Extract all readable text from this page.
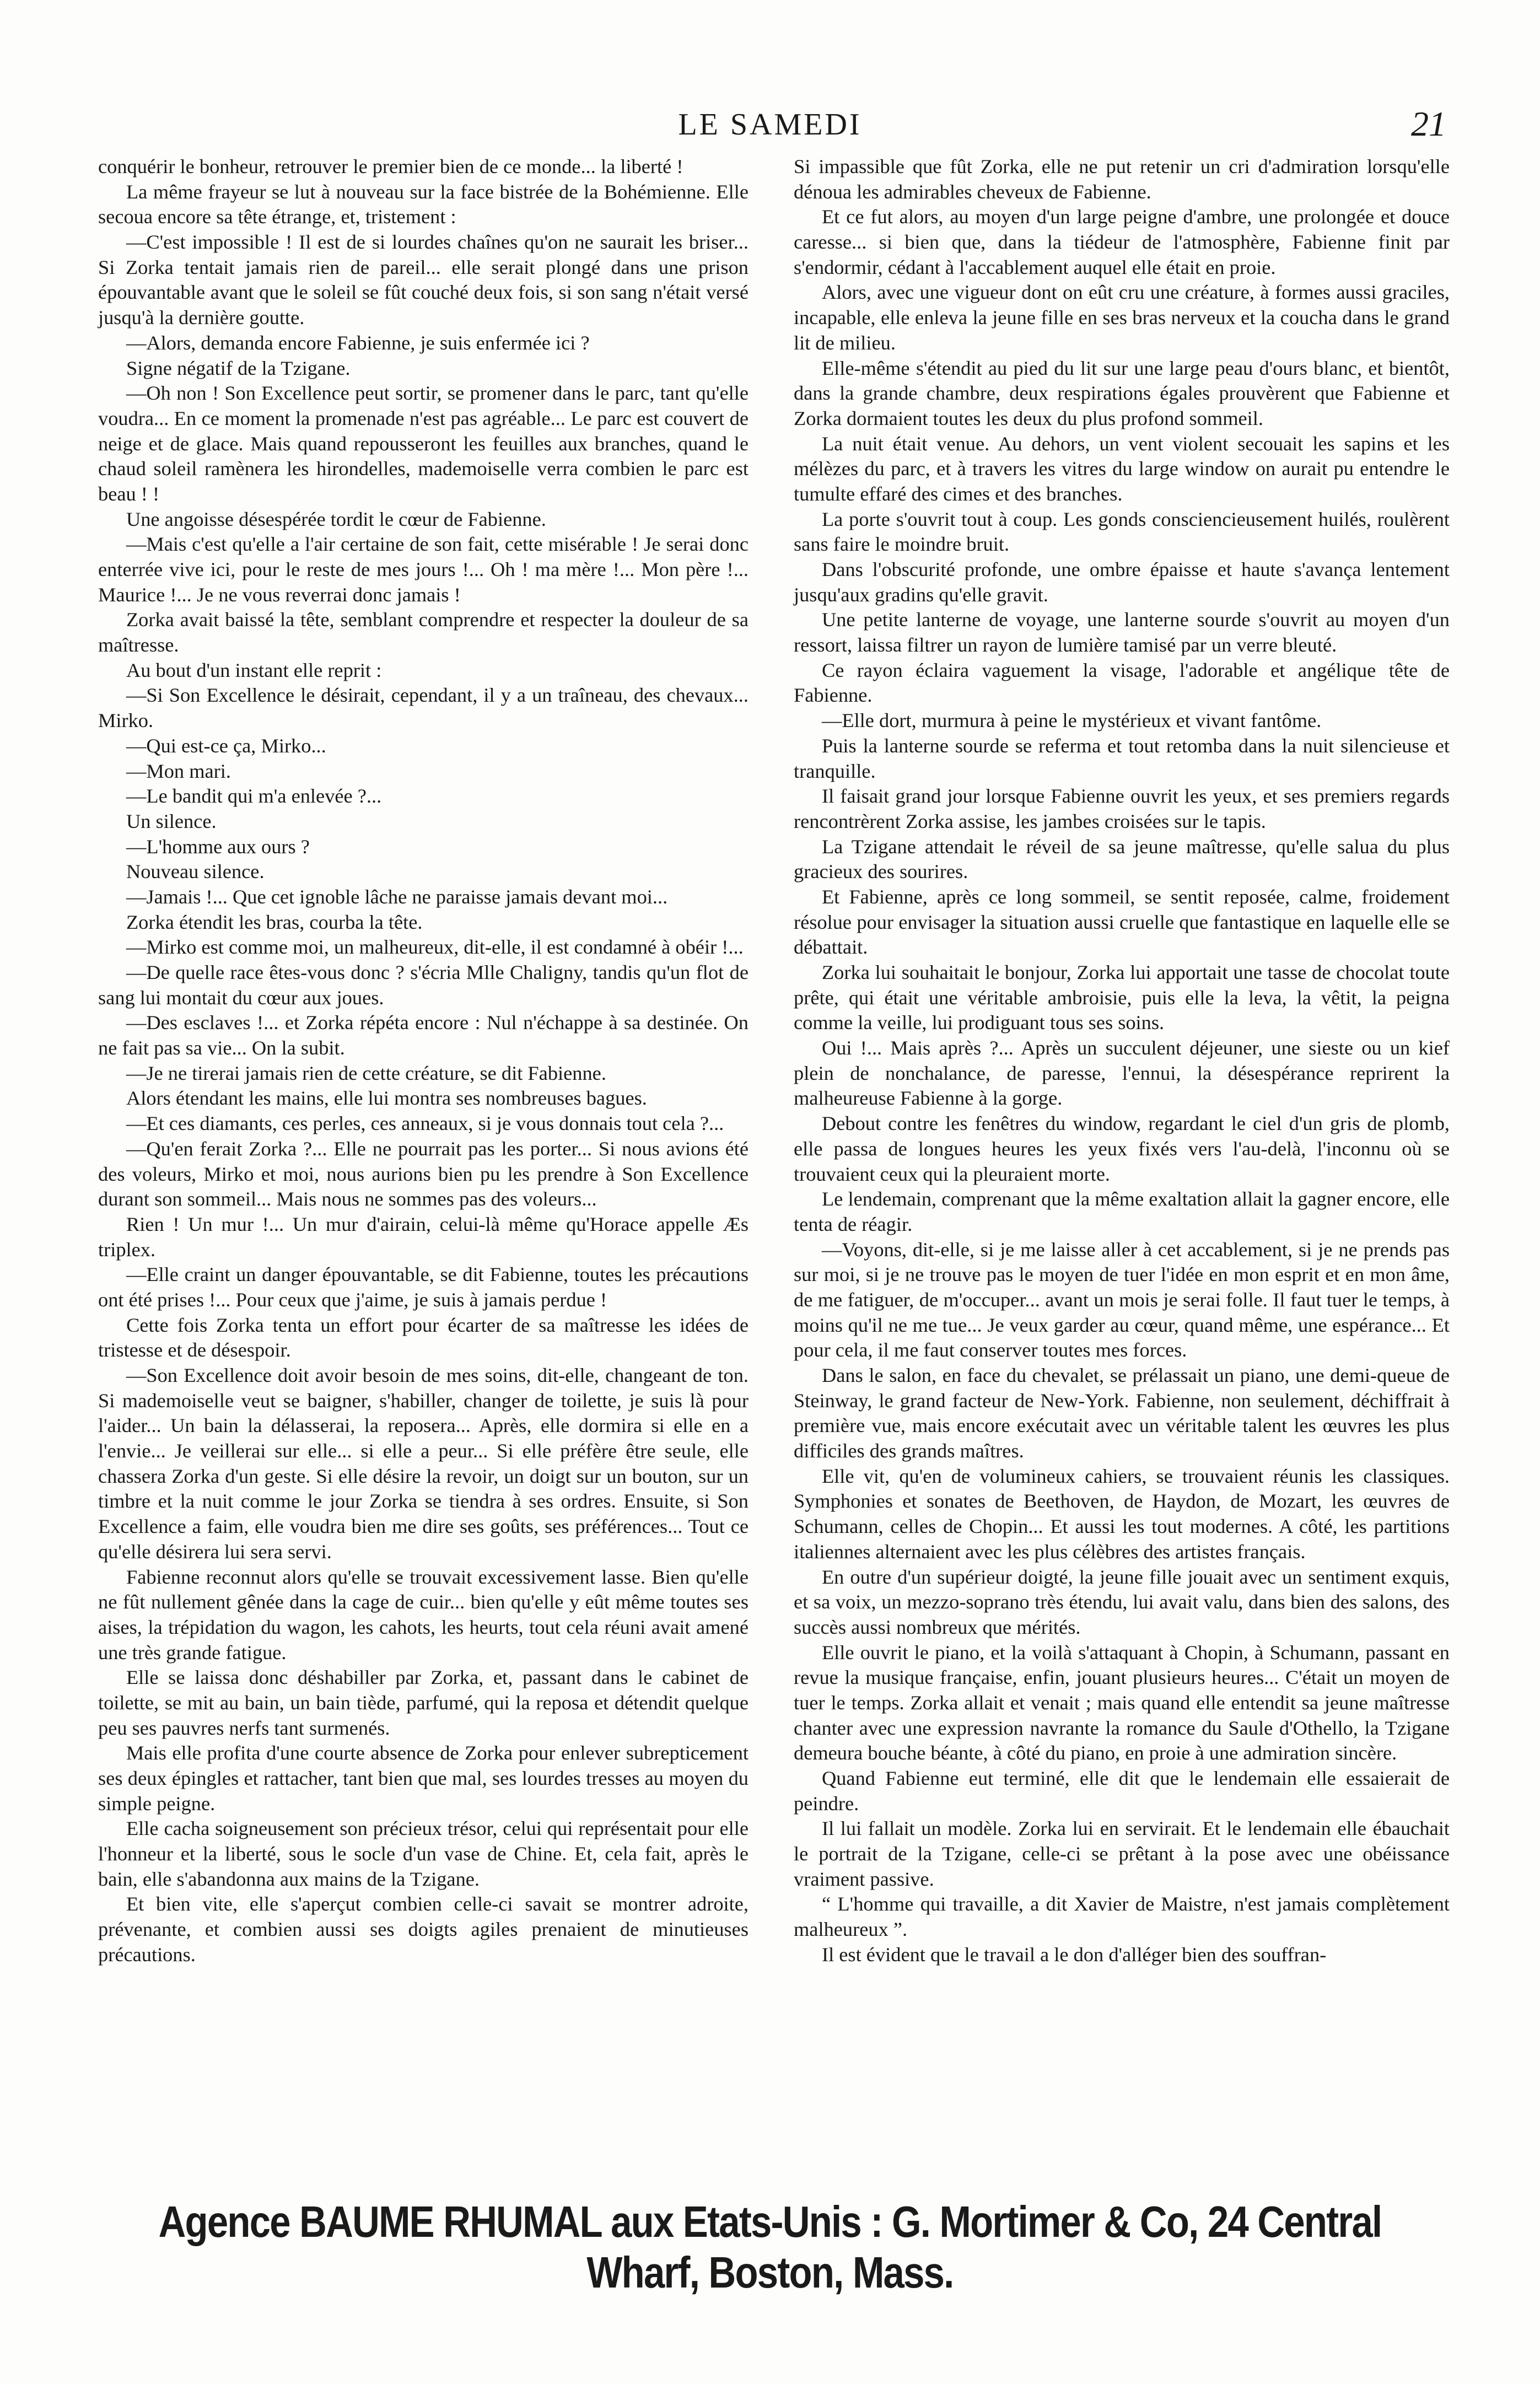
LE SAMEDI	21

conquérir le bonheur, retrouver le premier bien de ce monde... la liberté !

La même frayeur se lut à nouveau sur la face bistrée de la Bohémienne. Elle secoua encore sa tête étrange, et, tristement :

—C'est impossible ! Il est de si lourdes chaînes qu'on ne saurait les briser... Si Zorka tentait jamais rien de pareil... elle serait plongé dans une prison épouvantable avant que le soleil se fût couché deux fois, si son sang n'était versé jusqu'à la dernière goutte.

—Alors, demanda encore Fabienne, je suis enfermée ici ?

Signe négatif de la Tzigane.

—Oh non ! Son Excellence peut sortir, se promener dans le parc, tant qu'elle voudra... En ce moment la promenade n'est pas agréable... Le parc est couvert de neige et de glace. Mais quand repousseront les feuilles aux branches, quand le chaud soleil ramènera les hirondelles, mademoiselle verra combien le parc est beau ! !

Une angoisse désespérée tordit le cœur de Fabienne.

—Mais c'est qu'elle a l'air certaine de son fait, cette misérable ! Je serai donc enterrée vive ici, pour le reste de mes jours !... Oh ! ma mère !... Mon père !... Maurice !... Je ne vous reverrai donc jamais !

Zorka avait baissé la tête, semblant comprendre et respecter la douleur de sa maîtresse.

Au bout d'un instant elle reprit :

—Si Son Excellence le désirait, cependant, il y a un traîneau, des chevaux... Mirko.

—Qui est-ce ça, Mirko...

—Mon mari.

—Le bandit qui m'a enlevée ?...

Un silence.

—L'homme aux ours ?

Nouveau silence.

—Jamais !... Que cet ignoble lâche ne paraisse jamais devant moi...

Zorka étendit les bras, courba la tête.

—Mirko est comme moi, un malheureux, dit-elle, il est condamné à obéir !...

—De quelle race êtes-vous donc ? s'écria Mlle Chaligny, tandis qu'un flot de sang lui montait du cœur aux joues.

—Des esclaves !... et Zorka répéta encore : Nul n'échappe à sa destinée. On ne fait pas sa vie... On la subit.

—Je ne tirerai jamais rien de cette créature, se dit Fabienne.

Alors étendant les mains, elle lui montra ses nombreuses bagues.

—Et ces diamants, ces perles, ces anneaux, si je vous donnais tout cela ?...

—Qu'en ferait Zorka ?... Elle ne pourrait pas les porter... Si nous avions été des voleurs, Mirko et moi, nous aurions bien pu les prendre à Son Excellence durant son sommeil... Mais nous ne sommes pas des voleurs...

Rien ! Un mur !... Un mur d'airain, celui-là même qu'Horace appelle Æs triplex.

—Elle craint un danger épouvantable, se dit Fabienne, toutes les précautions ont été prises !... Pour ceux que j'aime, je suis à jamais perdue !

Cette fois Zorka tenta un effort pour écarter de sa maîtresse les idées de tristesse et de désespoir.

—Son Excellence doit avoir besoin de mes soins, dit-elle, changeant de ton. Si mademoiselle veut se baigner, s'habiller, changer de toilette, je suis là pour l'aider... Un bain la délasserai, la reposera... Après, elle dormira si elle en a l'envie... Je veillerai sur elle... si elle a peur... Si elle préfère être seule, elle chassera Zorka d'un geste. Si elle désire la revoir, un doigt sur un bouton, sur un timbre et la nuit comme le jour Zorka se tiendra à ses ordres. Ensuite, si Son Excellence a faim, elle voudra bien me dire ses goûts, ses préférences... Tout ce qu'elle désirera lui sera servi.

Fabienne reconnut alors qu'elle se trouvait excessivement lasse. Bien qu'elle ne fût nullement gênée dans la cage de cuir... bien qu'elle y eût même toutes ses aises, la trépidation du wagon, les cahots, les heurts, tout cela réuni avait amené une très grande fatigue.

Elle se laissa donc déshabiller par Zorka, et, passant dans le cabinet de toilette, se mit au bain, un bain tiède, parfumé, qui la reposa et détendit quelque peu ses pauvres nerfs tant surmenés.

Mais elle profita d'une courte absence de Zorka pour enlever subrepticement ses deux épingles et rattacher, tant bien que mal, ses lourdes tresses au moyen du simple peigne.

Elle cacha soigneusement son précieux trésor, celui qui représentait pour elle l'honneur et la liberté, sous le socle d'un vase de Chine. Et, cela fait, après le bain, elle s'abandonna aux mains de la Tzigane.

Et bien vite, elle s'aperçut combien celle-ci savait se montrer adroite, prévenante, et combien aussi ses doigts agiles prenaient de minutieuses précautions.

Si impassible que fût Zorka, elle ne put retenir un cri d'admiration lorsqu'elle dénoua les admirables cheveux de Fabienne.

Et ce fut alors, au moyen d'un large peigne d'ambre, une prolongée et douce caresse... si bien que, dans la tiédeur de l'atmosphère, Fabienne finit par s'endormir, cédant à l'accablement auquel elle était en proie.

Alors, avec une vigueur dont on eût cru une créature, à formes aussi graciles, incapable, elle enleva la jeune fille en ses bras nerveux et la coucha dans le grand lit de milieu.

Elle-même s'étendit au pied du lit sur une large peau d'ours blanc, et bientôt, dans la grande chambre, deux respirations égales prouvèrent que Fabienne et Zorka dormaient toutes les deux du plus profond sommeil.

La nuit était venue. Au dehors, un vent violent secouait les sapins et les mélèzes du parc, et à travers les vitres du large window on aurait pu entendre le tumulte effaré des cimes et des branches.

La porte s'ouvrit tout à coup. Les gonds consciencieusement huilés, roulèrent sans faire le moindre bruit.

Dans l'obscurité profonde, une ombre épaisse et haute s'avança lentement jusqu'aux gradins qu'elle gravit.

Une petite lanterne de voyage, une lanterne sourde s'ouvrit au moyen d'un ressort, laissa filtrer un rayon de lumière tamisé par un verre bleuté.

Ce rayon éclaira vaguement la visage, l'adorable et angélique tête de Fabienne.

—Elle dort, murmura à peine le mystérieux et vivant fantôme.

Puis la lanterne sourde se referma et tout retomba dans la nuit silencieuse et tranquille.

Il faisait grand jour lorsque Fabienne ouvrit les yeux, et ses premiers regards rencontrèrent Zorka assise, les jambes croisées sur le tapis.

La Tzigane attendait le réveil de sa jeune maîtresse, qu'elle salua du plus gracieux des sourires.

Et Fabienne, après ce long sommeil, se sentit reposée, calme, froidement résolue pour envisager la situation aussi cruelle que fantastique en laquelle elle se débattait.

Zorka lui souhaitait le bonjour, Zorka lui apportait une tasse de chocolat toute prête, qui était une véritable ambroisie, puis elle la leva, la vêtit, la peigna comme la veille, lui prodiguant tous ses soins.

Oui !... Mais après ?... Après un succulent déjeuner, une sieste ou un kief plein de nonchalance, de paresse, l'ennui, la désespérance reprirent la malheureuse Fabienne à la gorge.

Debout contre les fenêtres du window, regardant le ciel d'un gris de plomb, elle passa de longues heures les yeux fixés vers l'au-delà, l'inconnu où se trouvaient ceux qui la pleuraient morte.

Le lendemain, comprenant que la même exaltation allait la gagner encore, elle tenta de réagir.

—Voyons, dit-elle, si je me laisse aller à cet accablement, si je ne prends pas sur moi, si je ne trouve pas le moyen de tuer l'idée en mon esprit et en mon âme, de me fatiguer, de m'occuper... avant un mois je serai folle. Il faut tuer le temps, à moins qu'il ne me tue... Je veux garder au cœur, quand même, une espérance... Et pour cela, il me faut conserver toutes mes forces.

Dans le salon, en face du chevalet, se prélassait un piano, une demi-queue de Steinway, le grand facteur de New-York. Fabienne, non seulement, déchiffrait à première vue, mais encore exécutait avec un véritable talent les œuvres les plus difficiles des grands maîtres.

Elle vit, qu'en de volumineux cahiers, se trouvaient réunis les classiques. Symphonies et sonates de Beethoven, de Haydon, de Mozart, les œuvres de Schumann, celles de Chopin... Et aussi les tout modernes. A côté, les partitions italiennes alternaient avec les plus célèbres des artistes français.

En outre d'un supérieur doigté, la jeune fille jouait avec un sentiment exquis, et sa voix, un mezzo-soprano très étendu, lui avait valu, dans bien des salons, des succès aussi nombreux que mérités.

Elle ouvrit le piano, et la voilà s'attaquant à Chopin, à Schumann, passant en revue la musique française, enfin, jouant plusieurs heures... C'était un moyen de tuer le temps. Zorka allait et venait ; mais quand elle entendit sa jeune maîtresse chanter avec une expression navrante la romance du Saule d'Othello, la Tzigane demeura bouche béante, à côté du piano, en proie à une admiration sincère.

Quand Fabienne eut terminé, elle dit que le lendemain elle essaierait de peindre.

Il lui fallait un modèle. Zorka lui en servirait. Et le lendemain elle ébauchait le portrait de la Tzigane, celle-ci se prêtant à la pose avec une obéissance vraiment passive.

“ L'homme qui travaille, a dit Xavier de Maistre, n'est jamais complètement malheureux ”.

Il est évident que le travail a le don d'alléger bien des souffran-

Agence BAUME RHUMAL aux Etats-Unis : G. Mortimer & Co, 24 Central Wharf, Boston, Mass.
